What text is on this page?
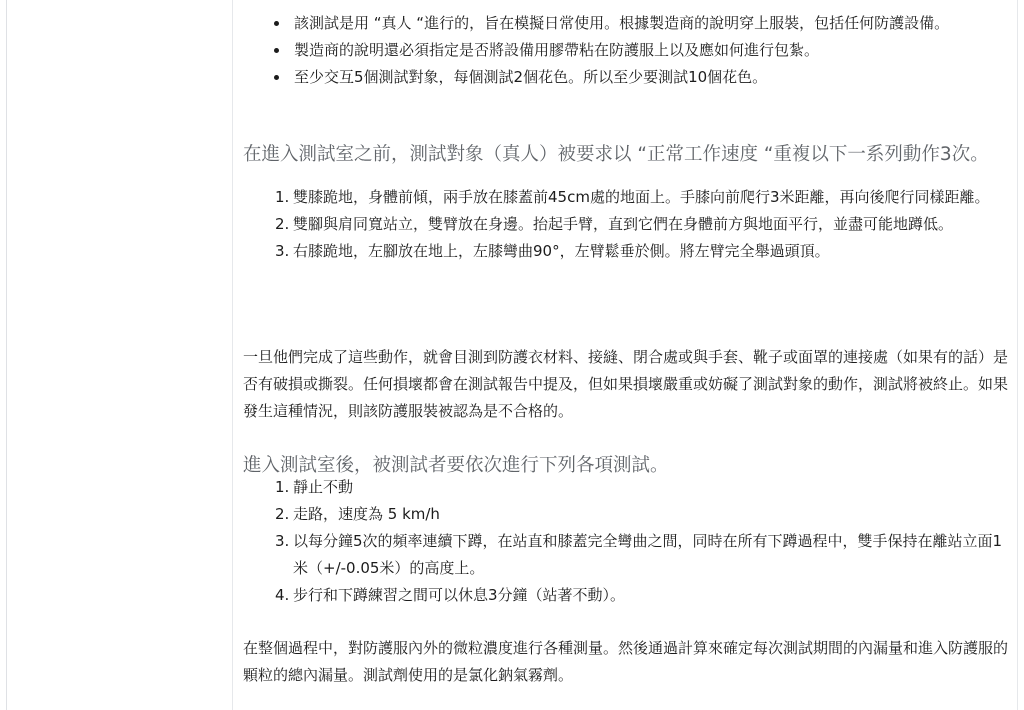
該測試是用 “真人 “進行的，旨在模擬日常使用。根據製造商的說明穿上服裝，包括任何防護設備。
製造商的說明還必須指定是否將設備用膠帶粘在防護服上以及應如何進行包紮。
至少交互5個測試對象，每個測試2個花色。所以至少要測試10個花色。
在進入測試室之前，測試對象（真人）被要求以 “正常工作速度 “重複以下一系列動作3次。
1. 雙膝跪地，身體前傾，兩手放在膝蓋前45cm處的地面上。手膝向前爬行3米距離，再向後爬行同樣距離。
2. 雙腳與肩同寬站立，雙臂放在身邊。抬起手臂，直到它們在身體前方與地面平行，並盡可能地蹲低。
3. 右膝跪地，左腳放在地上，左膝彎曲90°，左臂鬆垂於側。將左臂完全舉過頭頂。
一旦他們完成了這些動作，就會目測到防護衣材料、接縫、閉合處或與手套、靴子或面罩的連接處（如果有的話）是否有破損或撕裂。任何損壞都會在測試報告中提及，但如果損壞嚴重或妨礙了測試對象的動作，測試將被終止。如果發生這種情況，則該防護服裝被認為是不合格的。
進入測試室後，被測試者要依次進行下列各項測試。
1. 靜止不動
2. 走路，速度為 5 km/h
3. 以每分鐘5次的頻率連續下蹲，在站直和膝蓋完全彎曲之間，同時在所有下蹲過程中，雙手保持在離站立面1米（+/-0.05米）的高度上。
4. 步行和下蹲練習之間可以休息3分鐘（站著不動）。
在整個過程中，對防護服內外的微粒濃度進行各種測量。然後通過計算來確定每次測試期間的內漏量和進入防護服的顆粒的總內漏量。測試劑使用的是氯化鈉氣霧劑。
